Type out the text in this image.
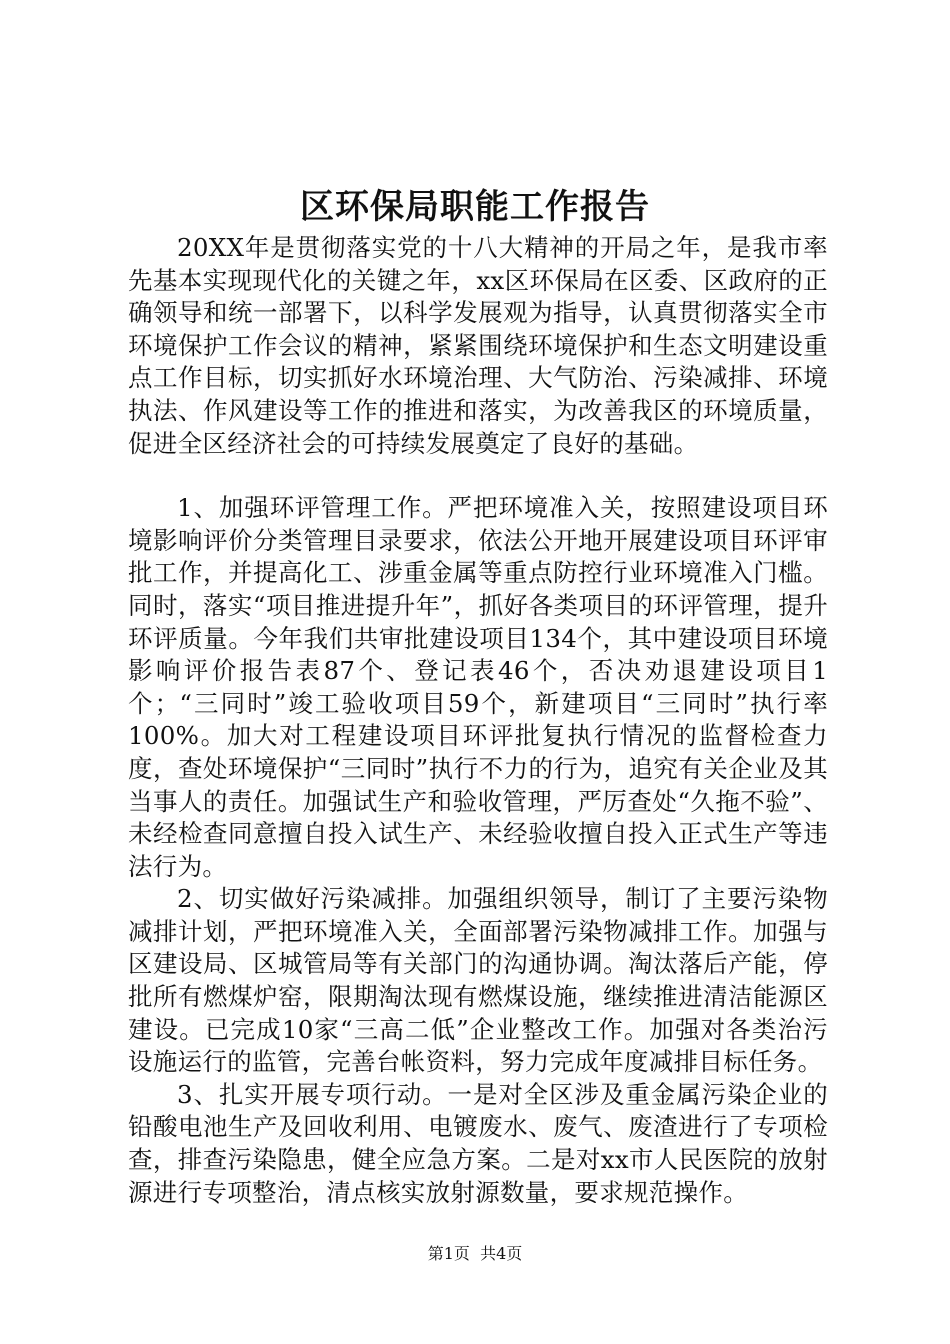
区环保局职能工作报告

20XX年是贯彻落实党的十八大精神的开局之年，是我市率先基本实现现代化的关键之年，xx区环保局在区委、区政府的正确领导和统一部署下，以科学发展观为指导，认真贯彻落实全市环境保护工作会议的精神，紧紧围绕环境保护和生态文明建设重点工作目标，切实抓好水环境治理、大气防治、污染减排、环境执法、作风建设等工作的推进和落实，为改善我区的环境质量，促进全区经济社会的可持续发展奠定了良好的基础。

1、加强环评管理工作。严把环境准入关，按照建设项目环境影响评价分类管理目录要求，依法公开地开展建设项目环评审批工作，并提高化工、涉重金属等重点防控行业环境准入门槛。同时，落实“项目推进提升年”，抓好各类项目的环评管理，提升环评质量。今年我们共审批建设项目134个，其中建设项目环境影响评价报告表87个、登记表46个，否决劝退建设项目1个；“三同时”竣工验收项目59个，新建项目“三同时”执行率100%。加大对工程建设项目环评批复执行情况的监督检查力度，查处环境保护“三同时”执行不力的行为，追究有关企业及其当事人的责任。加强试生产和验收管理，严厉查处“久拖不验”、未经检查同意擅自投入试生产、未经验收擅自投入正式生产等违法行为。

2、切实做好污染减排。加强组织领导，制订了主要污染物减排计划，严把环境准入关，全面部署污染物减排工作。加强与区建设局、区城管局等有关部门的沟通协调。淘汰落后产能，停批所有燃煤炉窑，限期淘汰现有燃煤设施，继续推进清洁能源区建设。已完成10家“三高二低”企业整改工作。加强对各类治污设施运行的监管，完善台帐资料，努力完成年度减排目标任务。

3、扎实开展专项行动。一是对全区涉及重金属污染企业的铅酸电池生产及回收利用、电镀废水、废气、废渣进行了专项检查，排查污染隐患，健全应急方案。二是对xx市人民医院的放射源进行专项整治，清点核实放射源数量，要求规范操作。

第1页 共4页
